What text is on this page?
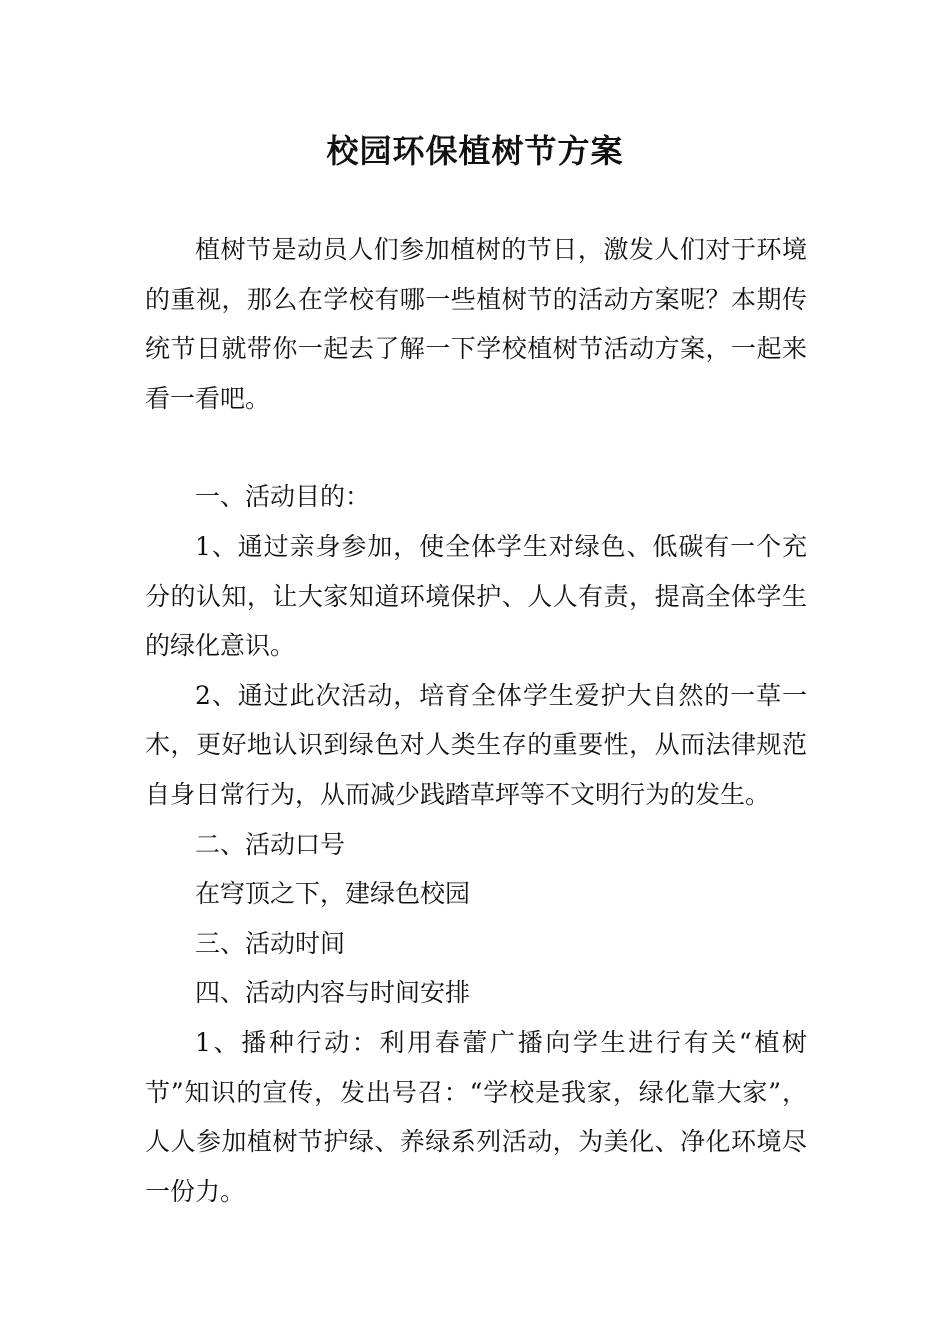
校园环保植树节方案

植树节是动员人们参加植树的节日，激发人们对于环境的重视，那么在学校有哪一些植树节的活动方案呢？本期传统节日就带你一起去了解一下学校植树节活动方案，一起来看一看吧。

一、活动目的：

1、通过亲身参加，使全体学生对绿色、低碳有一个充分的认知，让大家知道环境保护、人人有责，提高全体学生的绿化意识。

2、通过此次活动，培育全体学生爱护大自然的一草一木，更好地认识到绿色对人类生存的重要性，从而法律规范自身日常行为，从而减少践踏草坪等不文明行为的发生。

二、活动口号

在穹顶之下，建绿色校园

三、活动时间

四、活动内容与时间安排

1、播种行动：利用春蕾广播向学生进行有关“植树节”知识的宣传，发出号召：“学校是我家，绿化靠大家”，人人参加植树节护绿、养绿系列活动，为美化、净化环境尽一份力。
